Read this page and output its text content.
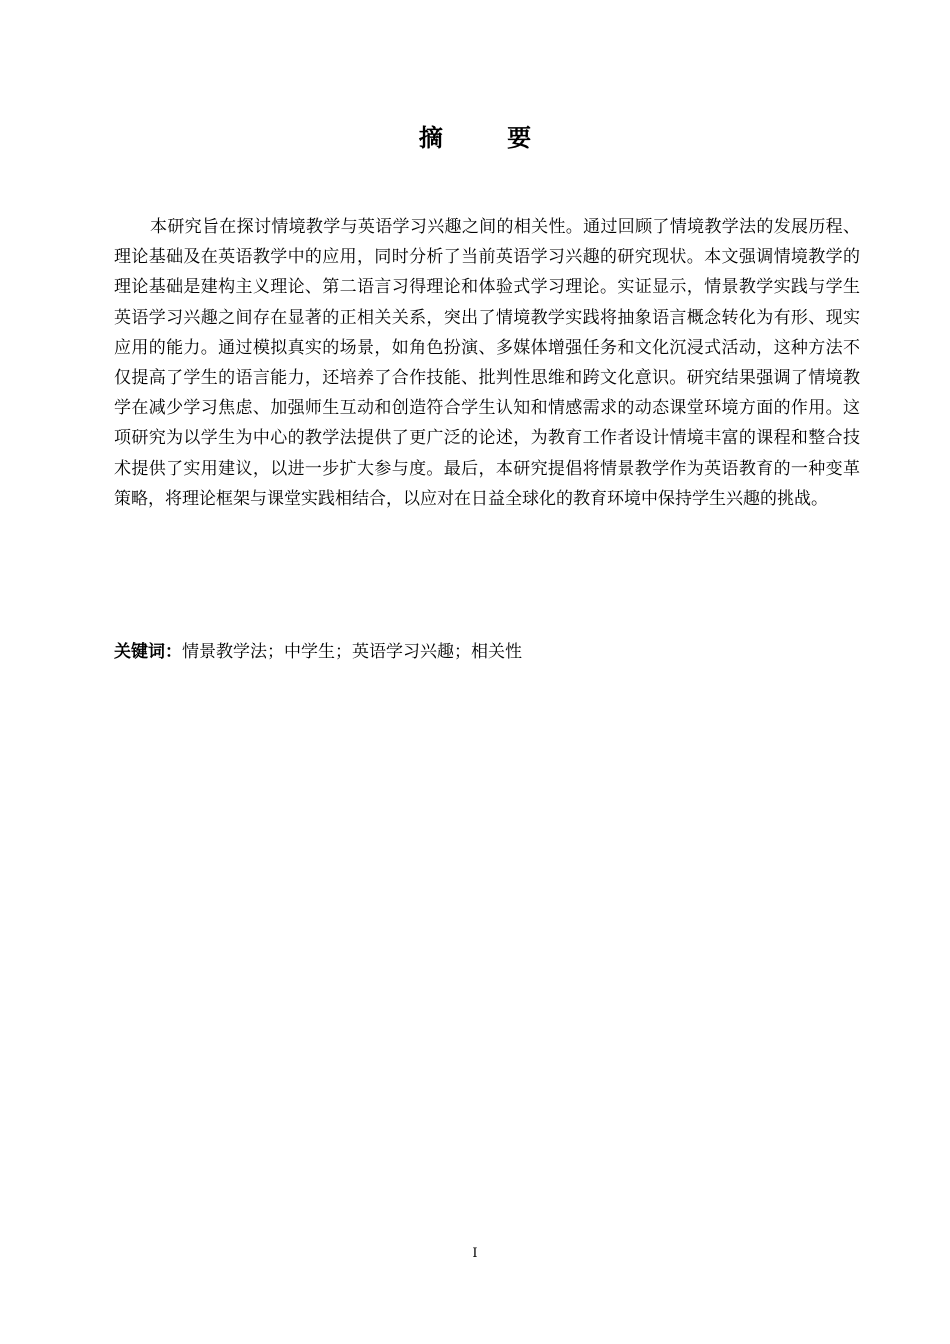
摘 要

本研究旨在探讨情境教学与英语学习兴趣之间的相关性。通过回顾了情境教学法的发展历程、理论基础及在英语教学中的应用，同时分析了当前英语学习兴趣的研究现状。本文强调情境教学的理论基础是建构主义理论、第二语言习得理论和体验式学习理论。实证显示，情景教学实践与学生英语学习兴趣之间存在显著的正相关关系，突出了情境教学实践将抽象语言概念转化为有形、现实应用的能力。通过模拟真实的场景，如角色扮演、多媒体增强任务和文化沉浸式活动，这种方法不仅提高了学生的语言能力，还培养了合作技能、批判性思维和跨文化意识。研究结果强调了情境教学在减少学习焦虑、加强师生互动和创造符合学生认知和情感需求的动态课堂环境方面的作用。这项研究为以学生为中心的教学法提供了更广泛的论述，为教育工作者设计情境丰富的课程和整合技术提供了实用建议，以进一步扩大参与度。最后，本研究提倡将情景教学作为英语教育的一种变革策略，将理论框架与课堂实践相结合，以应对在日益全球化的教育环境中保持学生兴趣的挑战。

关键词：情景教学法；中学生；英语学习兴趣；相关性

I
